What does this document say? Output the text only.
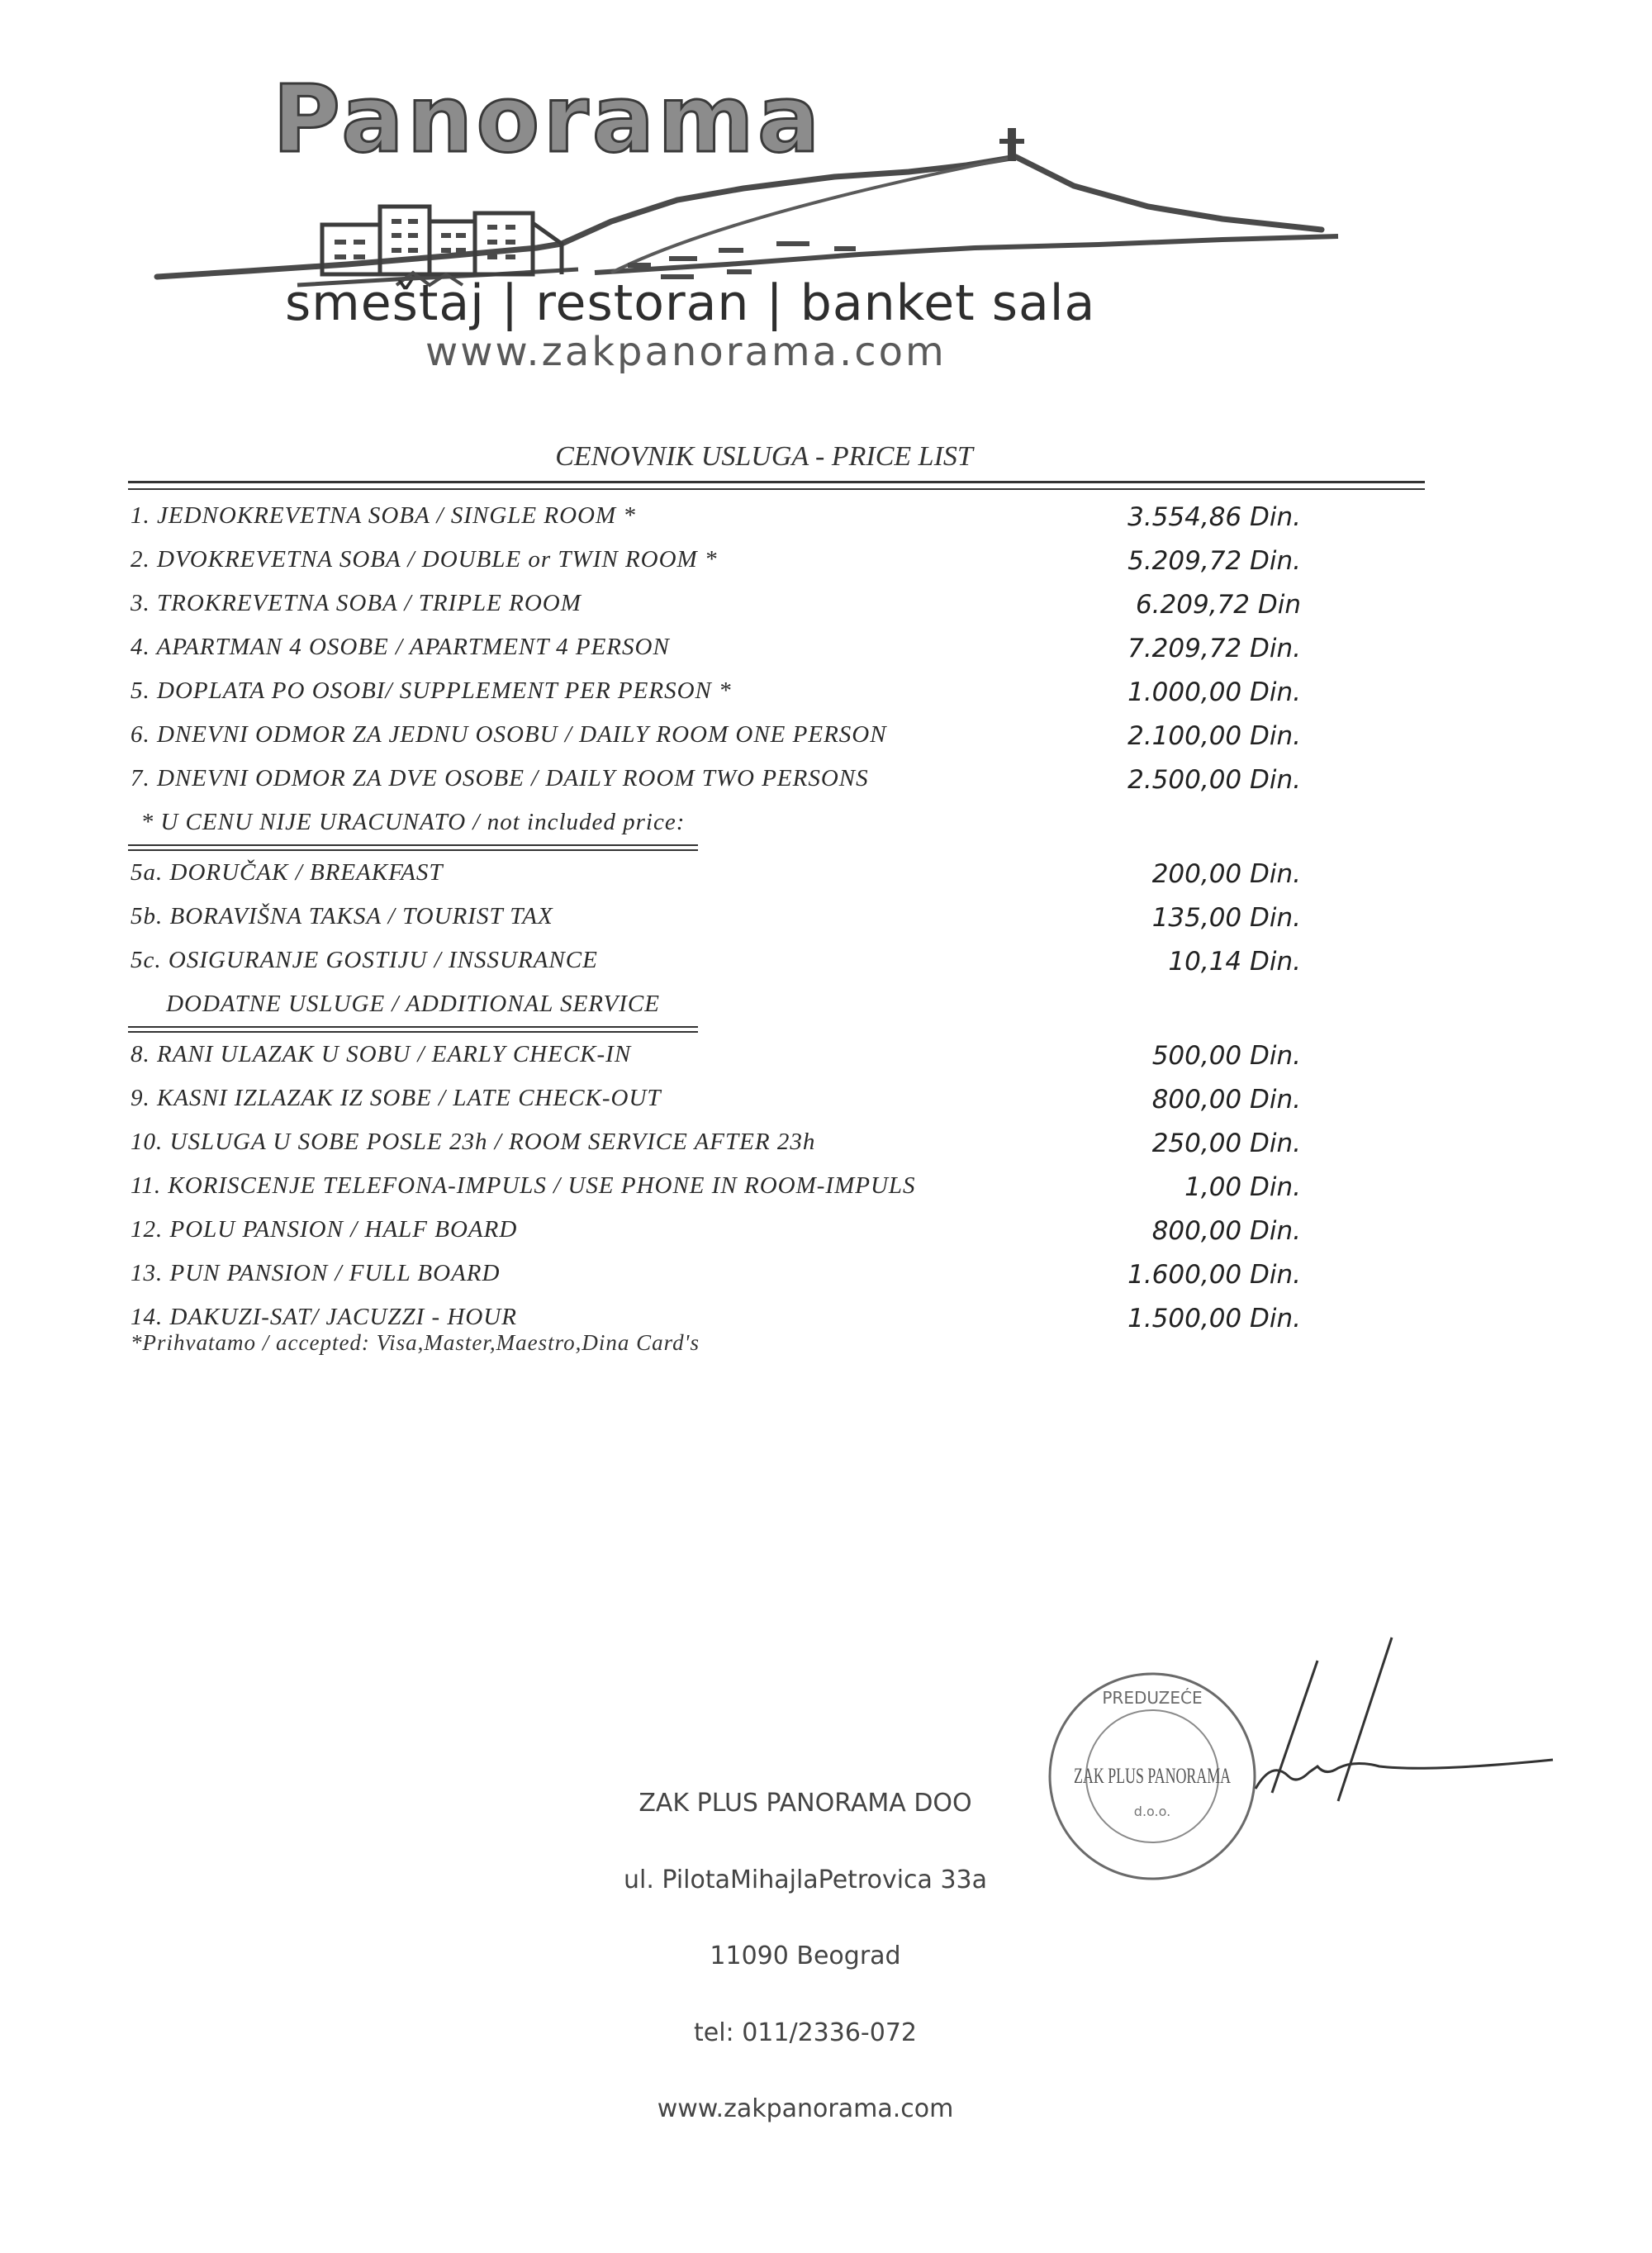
Panorama
smeštaj | restoran | banket sala
www.zakpanorama.com
CENOVNIK USLUGA - PRICE LIST
1. JEDNOKREVETNA SOBA / SINGLE ROOM *	3.554,86 Din.
2. DVOKREVETNA SOBA / DOUBLE or TWIN ROOM *	5.209,72 Din.
3. TROKREVETNA SOBA / TRIPLE ROOM	6.209,72 Din
4. APARTMAN 4 OSOBE / APARTMENT 4 PERSON	7.209,72 Din.
5. DOPLATA PO OSOBI/ SUPPLEMENT PER PERSON *	1.000,00 Din.
6. DNEVNI ODMOR ZA JEDNU OSOBU / DAILY ROOM ONE PERSON	2.100,00 Din.
7. DNEVNI ODMOR ZA DVE OSOBE / DAILY ROOM TWO PERSONS	2.500,00 Din.
* U CENU NIJE URACUNATO / not included price:
5a. DORUČAK / BREAKFAST	200,00 Din.
5b. BORAVIŠNA TAKSA / TOURIST TAX	135,00 Din.
5c. OSIGURANJE GOSTIJU / INSSURANCE	10,14 Din.
DODATNE USLUGE / ADDITIONAL SERVICE
8. RANI ULAZAK U SOBU / EARLY CHECK-IN	500,00 Din.
9. KASNI IZLAZAK IZ SOBE / LATE CHECK-OUT	800,00 Din.
10. USLUGA U SOBE POSLE 23h / ROOM SERVICE AFTER 23h	250,00 Din.
11. KORISCENJE TELEFONA-IMPULS / USE PHONE IN ROOM-IMPULS	1,00 Din.
12. POLU PANSION / HALF BOARD	800,00 Din.
13. PUN PANSION / FULL BOARD	1.600,00 Din.
14. DAKUZI-SAT/ JACUZZI - HOUR	1.500,00 Din.
*Prihvatamo / accepted: Visa,Master,Maestro,Dina Card's
ZAK PLUS PANORAMA DOO
ul. PilotaMihajlaPetrovica 33a
11090 Beograd
tel: 011/2336-072
www.zakpanorama.com
PREDUZEĆE
ZAK PLUS PANORAMA
d.o.o.
